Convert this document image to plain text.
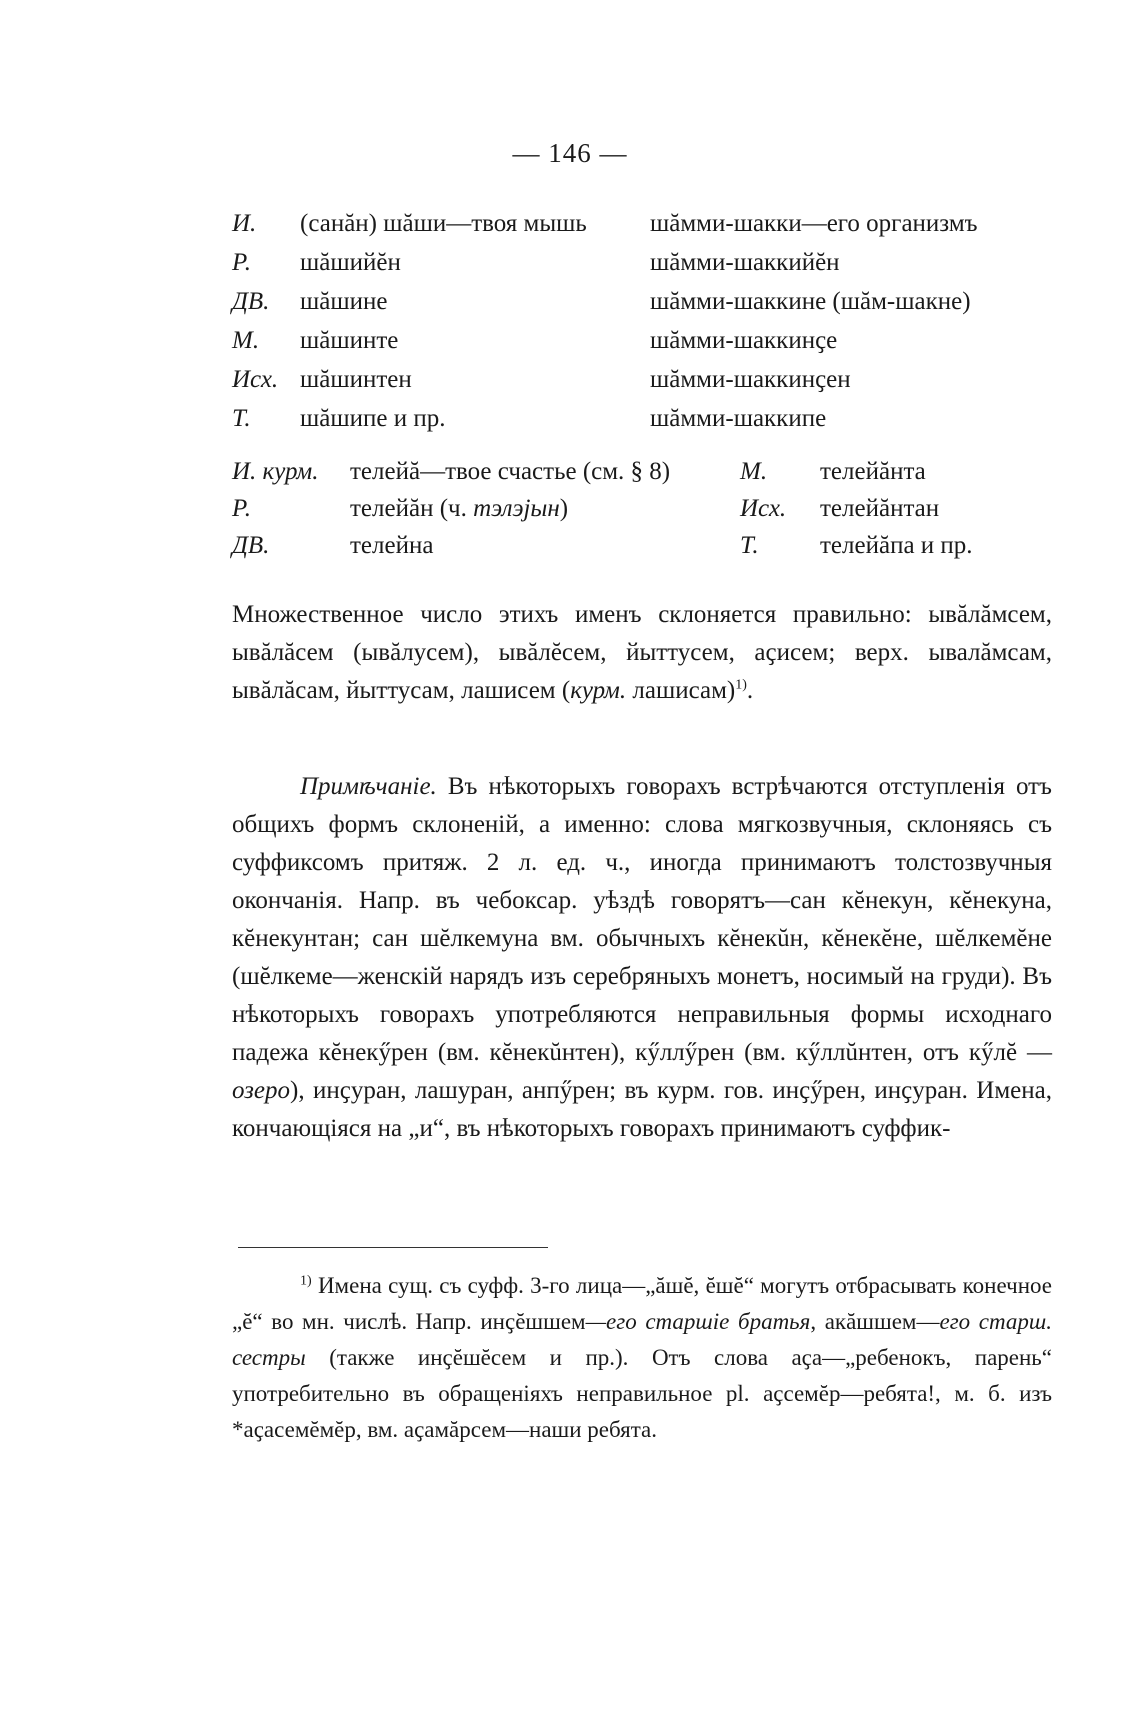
— 146 —
И. (санăн) шăши—твоя мышь	шăмми-шакки—его организмъ
Р. шăшийĕн	шăмми-шаккийĕн
ДВ. шăшине	шăмми-шаккине (шăм-шакне)
М. шăшинте	шăмми-шаккинҫе
Исх. шăшинтен	шăмми-шаккинҫен
Т. шăшипе и пр.	шăмми-шаккипе
И. курм. телейă—твое счастье (см. § 8)	М. телейăнта
Р.	телейăн (ч. тэлэјын)	Исх. телейăнтан
ДВ.	телейна	Т. телейăпа и пр.
Множественное число этихъ именъ склоняется правильно: ывăлăмсем, ывăлăсем (ывăлусем), ывăлĕсем, йыттусем, аҫисем; верх. ывалăмсам, ывăлăсам, йыттусам, лашисем (курм. лашисам)$^{1)}$.
Примѣчаніе. Въ нѣкоторыхъ говорахъ встрѣчаются отступленія отъ общихъ формъ склоненій, а именно: слова мягкозвучныя, склоняясь съ суффиксомъ притяж. 2 л. ед. ч., иногда принимаютъ толстозвучныя окончанія. Напр. въ чебоксар. уѣздѣ говорятъ—сан кĕнекун, кĕнекуна, кĕнекунтан; сан шĕлкемуна вм. обычныхъ кĕнекŭн, кĕнекĕне, шĕлкемĕне (шĕлкеме—женскій нарядъ изъ серебряныхъ монетъ, носимый на груди). Въ нѣкоторыхъ говорахъ употребляются неправильныя формы исходнаго падежа кĕнекӳрен (вм. кĕнекŭнтен), кӳллӳрен (вм. кӳллŭнтен, отъ кӳлĕ — озеро), инҫуран, лашуран, анпӳрен; въ курм. гов. инҫӳрен, инҫуран. Имена, кончающіяся на „и“, въ нѣкоторыхъ говорахъ принимаютъ суффик-
$^{1)}$ Имена сущ. съ суфф. 3-го лица—„ăшĕ, ĕшĕ“ могутъ отбрасывать конечное „ĕ“ во мн. числѣ. Напр. инҫĕшшем—его старшіе братья, акăшшем—его старш. сестры (также инҫĕшĕсем и пр.). Отъ слова аҫа—„ребенокъ, парень“ употребительно въ обращеніяхъ неправильное pl. аҫсемĕр—ребята!, м. б. изъ *аҫасемĕмĕр, вм. аҫамăрсем—наши ребята.
